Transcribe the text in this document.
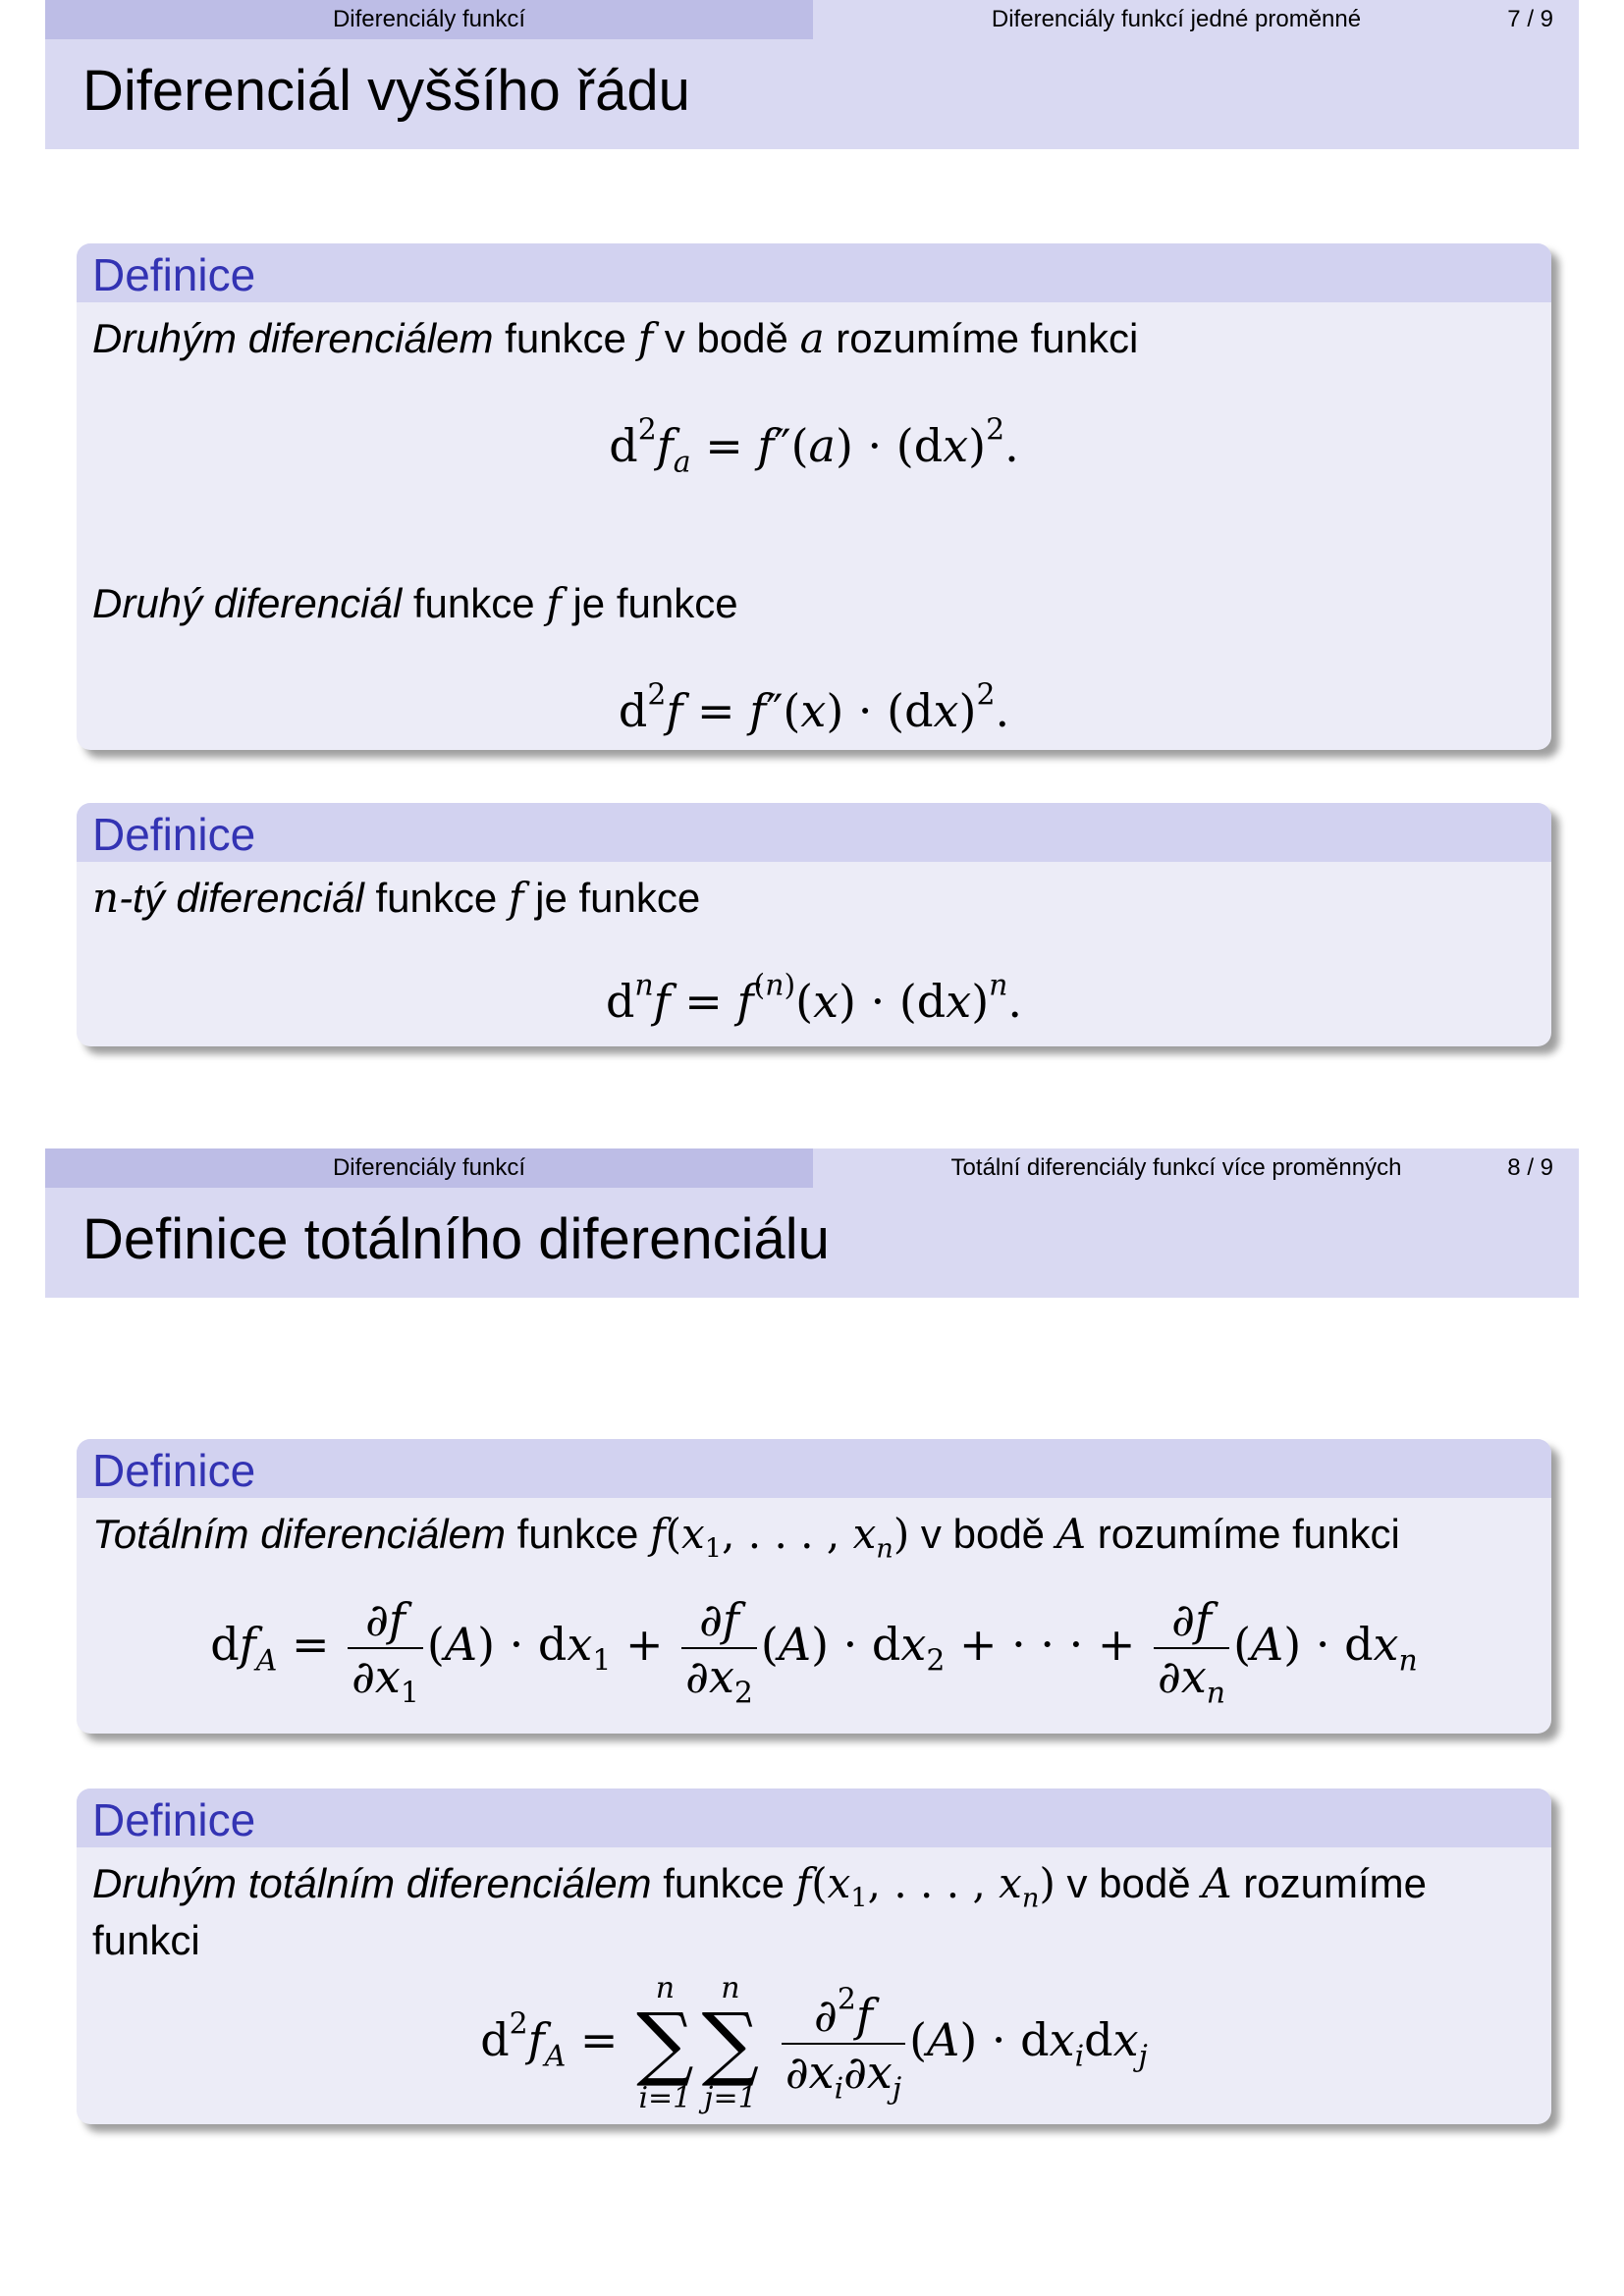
Diferenciály funkcí	Diferenciály funkcí jedné proměnné	7 / 9
Diferenciál vyššího řádu
Definice
Druhým diferenciálem funkce f v bodě a rozumíme funkci
$d^2f_a = f''(a) \cdot (dx)^2$.
Druhý diferenciál funkce f je funkce
$d^2f = f''(x) \cdot (dx)^2$.
Definice
n-tý diferenciál funkce f je funkce
$d^nf = f^{(n)}(x) \cdot (dx)^n$.
Diferenciály funkcí	Totální diferenciály funkcí více proměnných	8 / 9
Definice totálního diferenciálu
Definice
Totálním diferenciálem funkce $f(x_1$, . . . , $x_n$) v bodě A rozumíme funkci
$df_A = \frac{\partial f}{\partial x_1} (A) \cdot dx_1 + \frac{\partial f}{\partial x_2} (A) \cdot dx_2$ + · · · + $\frac{\partial f}{\partial x_n} (A) \cdot dx_n$
Definice
Druhým totálním diferenciálem funkce $f(x_1$, . . . , $x_n$) v bodě A rozumíme
funkci
$d^2f_A$ =
n
∑
i=1
n
∑
j=1
$\frac{\partial^2f}{\partial x_i\partial x_j} (A) \cdot dx_idx_j$
